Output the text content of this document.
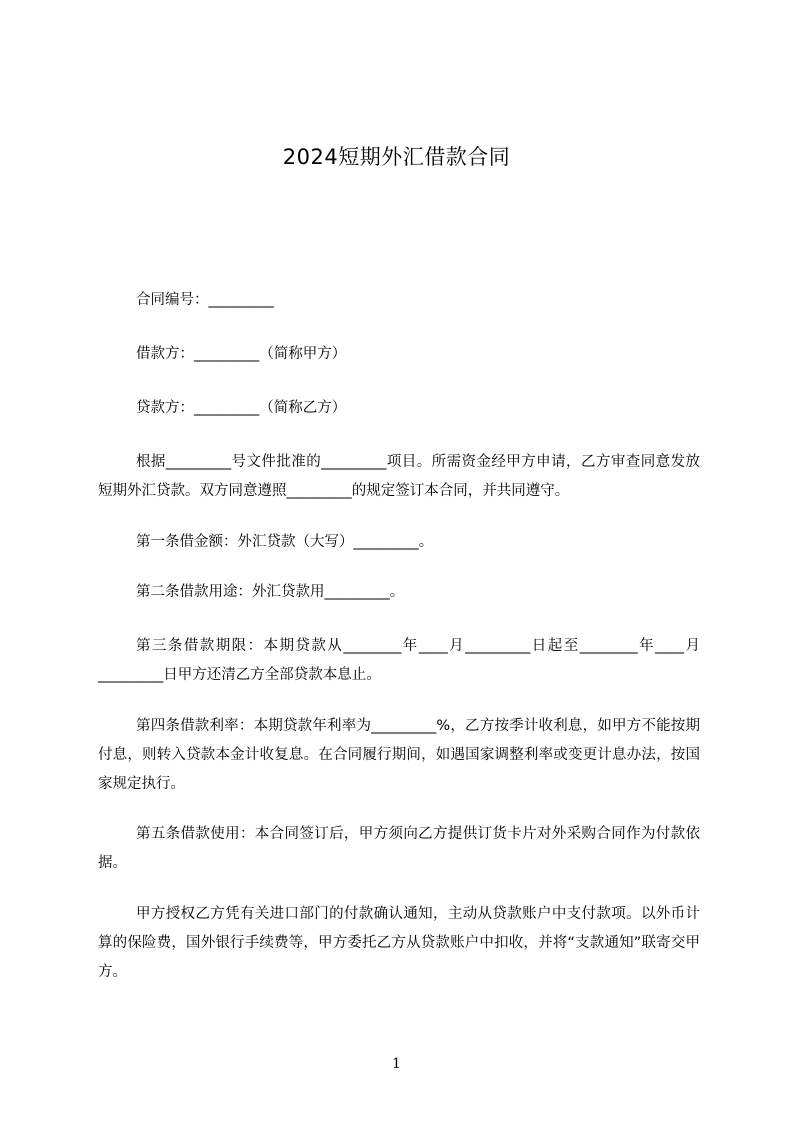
2024短期外汇借款合同
合同编号：_________
借款方：_________（简称甲方）
贷款方：_________（简称乙方）
根据_________号文件批准的_________项目。所需资金经甲方申请，乙方审查同意发放短期外汇贷款。双方同意遵照_________的规定签订本合同，并共同遵守。
第一条借金额：外汇贷款（大写）_________。
第二条借款用途：外汇贷款用_________。
第三条借款期限：本期贷款从________年____月_________日起至________年____月_________日甲方还清乙方全部贷款本息止。
第四条借款利率：本期贷款年利率为_________%，乙方按季计收利息，如甲方不能按期付息，则转入贷款本金计收复息。在合同履行期间，如遇国家调整利率或变更计息办法，按国家规定执行。
第五条借款使用：本合同签订后，甲方须向乙方提供订货卡片对外采购合同作为付款依据。
甲方授权乙方凭有关进口部门的付款确认通知，主动从贷款账户中支付款项。以外币计算的保险费，国外银行手续费等，甲方委托乙方从贷款账户中扣收，并将“支款通知”联寄交甲方。
1
